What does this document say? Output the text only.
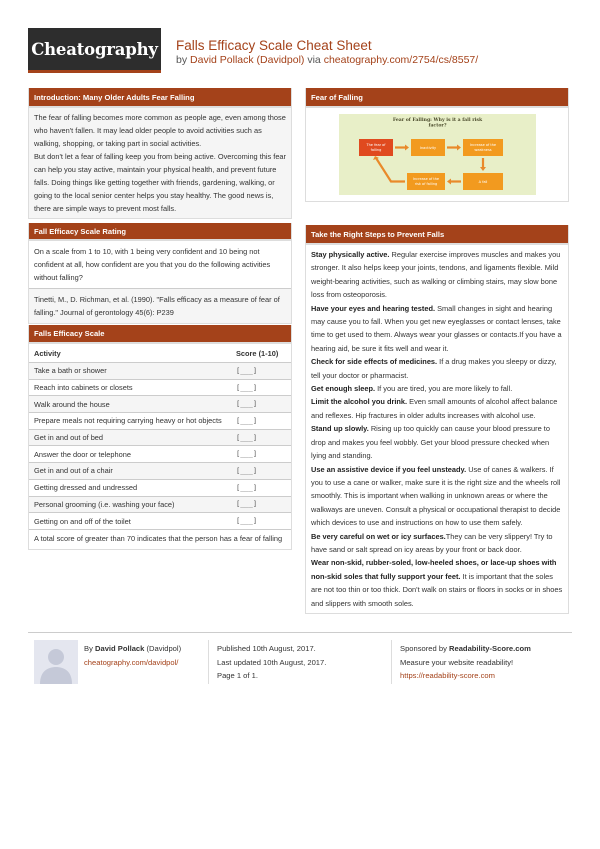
Cheatography Falls Efficacy Scale Cheat Sheet
by David Pollack (Davidpol) via cheatography.com/2754/cs/8557/
Introduction: Many Older Adults Fear Falling
The fear of falling becomes more common as people age, even among those who haven't fallen. It may lead older people to avoid activities such as walking, shopping, or taking part in social activities.
But don't let a fear of falling keep you from being active. Overcoming this fear can help you stay active, maintain your physical health, and prevent future falls. Doing things like getting together with friends, gardening, walking, or going to the local senior center helps you stay healthy. The good news is, there are simple ways to prevent most falls.
Fall Efficacy Scale Rating
On a scale from 1 to 10, with 1 being very confident and 10 being not confident at all, how confident are you that you do the following activities without falling?
Tinetti, M., D. Richman, et al. (1990). "Falls efficacy as a measure of fear of falling." Journal of gerontology 45(6): P239
Falls Efficacy Scale
Activity	Score (1-10)
Take a bath or shower	[___]
Reach into cabinets or closets	[___]
Walk around the house	[___]
Prepare meals not requiring carrying heavy or hot objects [___]
Get in and out of bed	[___]
Answer the door or telephone	[___]
Get in and out of a chair	[___]
Getting dressed and undressed	[___]
Personal grooming (i.e. washing your face)	[___]
Getting on and off of the toilet	[___]
A total score of greater than 70 indicates that the person has a fear of falling
Fear of Falling
Fear of Falling: Why is it a fall risk
factor?
The fear of
falling	Inactivity
Increase of the
weakness
A fall
Increase of the
risk of falling
Take the Right Steps to Prevent Falls
Stay physically active. Regular exercise improves muscles and makes you stronger. It also helps keep your joints, tendons, and ligaments flexible. Mild weight-bearing activities, such as walking or climbing stairs, may slow bone loss from osteoporosis.
Have your eyes and hearing tested. Small changes in sight and hearing may cause you to fall. When you get new eyeglasses or contact lenses, take time to get used to them. Always wear your glasses or contacts.If you have a hearing aid, be sure it fits well and wear it.
Check for side effects of medicines. If a drug makes you sleepy or dizzy, tell your doctor or pharmacist.
Get enough sleep. If you are tired, you are more likely to fall.
Limit the alcohol you drink. Even small amounts of alcohol affect balance and reflexes. Hip fractures in older adults increases with alcohol use.
Stand up slowly. Rising up too quickly can cause your blood pressure to drop and makes you feel wobbly. Get your blood pressure checked when lying and standing.
Use an assistive device if you feel unsteady. Use of canes & walkers. If you to use a cane or walker, make sure it is the right size and the wheels roll smoothly. This is important when walking in unknown areas or where the walkways are uneven. Consult a physical or occupational therapist to decide which devices to use and instructions on how to use them safely.
Be very careful on wet or icy surfaces.They can be very slippery! Try to have sand or salt spread on icy areas by your front or back door.
Wear non-skid, rubber-soled, low-heeled shoes, or lace-up shoes with non-skid soles that fully support your feet. It is important that the soles are not too thin or too thick. Don't walk on stairs or floors in socks or in shoes and slippers with smooth soles.
By David Pollack (Davidpol)
cheatography.com/davidpol/
Published 10th August, 2017.
Last updated 10th August, 2017.
Page 1 of 1.
Sponsored by Readability-Score.com
Measure your website readability!
https://readability-score.com
